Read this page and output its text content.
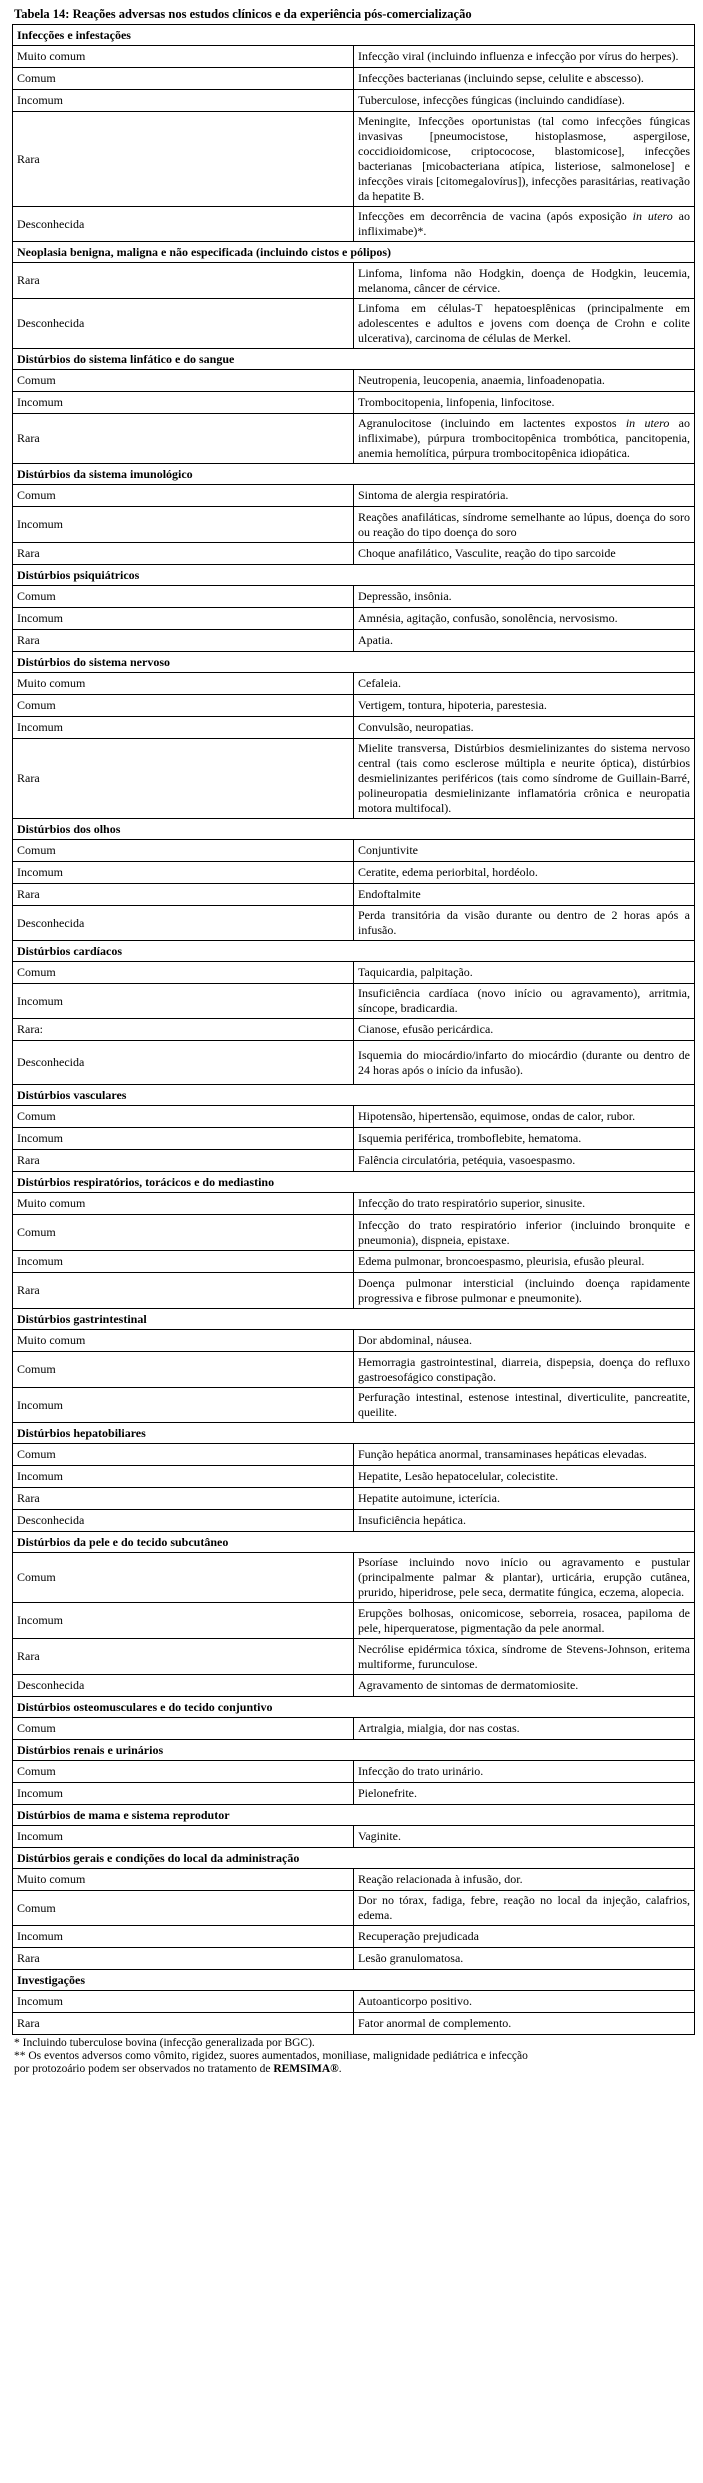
Tabela 14: Reações adversas nos estudos clínicos e da experiência pós-comercialização
Infecções e infestações	
Muito comum	Infecção viral (incluindo influenza e infecção por vírus do herpes).
Comum	Infecções bacterianas (incluindo sepse, celulite e abscesso).
Incomum	Tuberculose, infecções fúngicas (incluindo candidíase).
Rara	Meningite, Infecções oportunistas (tal como infecções fúngicas invasivas [pneumocistose, histoplasmose, aspergilose, coccidioidomicose, criptococose, blastomicose], infecções bacterianas [micobacteriana atípica, listeriose, salmonelose] e infecções virais [citomegalovírus]), infecções parasitárias, reativação da hepatite B.
Desconhecida	Infecções em decorrência de vacina (após exposição in utero ao infliximabe)*.
Neoplasia benigna, maligna e não especificada (incluindo cistos e pólipos)	
Rara	Linfoma, linfoma não Hodgkin, doença de Hodgkin, leucemia, melanoma, câncer de cérvice.
Desconhecida	Linfoma em células-T hepatoesplênicas (principalmente em adolescentes e adultos e jovens com doença de Crohn e colite ulcerativa), carcinoma de células de Merkel.
Distúrbios do sistema linfático e do sangue	
Comum	Neutropenia, leucopenia, anaemia, linfoadenopatia.
Incomum	Trombocitopenia, linfopenia, linfocitose.
Rara	Agranulocitose (incluindo em lactentes expostos in utero ao infliximabe), púrpura trombocitopênica trombótica, pancitopenia, anemia hemolítica, púrpura trombocitopênica idiopática.
Distúrbios da sistema imunológico	
Comum	Sintoma de alergia respiratória.
Incomum	Reações anafiláticas, síndrome semelhante ao lúpus, doença do soro ou reação do tipo doença do soro
Rara	Choque anafilático, Vasculite, reação do tipo sarcoide
Distúrbios psiquiátricos	
Comum	Depressão, insônia.
Incomum	Amnésia, agitação, confusão, sonolência, nervosismo.
Rara	Apatia.
Distúrbios do sistema nervoso	
Muito comum	Cefaleia.
Comum	Vertigem, tontura, hipoteria, parestesia.
Incomum	Convulsão, neuropatias.
Rara	Mielite transversa, Distúrbios desmielinizantes do sistema nervoso central (tais como esclerose múltipla e neurite óptica), distúrbios desmielinizantes periféricos (tais como síndrome de Guillain-Barré, polineuropatia desmielinizante inflamatória crônica e neuropatia motora multifocal).
Distúrbios dos olhos	
Comum	Conjuntivite
Incomum	Ceratite, edema periorbital, hordéolo.
Rara	Endoftalmite
Desconhecida	Perda transitória da visão durante ou dentro de 2 horas após a infusão.
Distúrbios cardíacos	
Comum	Taquicardia, palpitação.
Incomum	Insuficiência cardíaca (novo início ou agravamento), arritmia, síncope, bradicardia.
Rara:	Cianose, efusão pericárdica.
Desconhecida	Isquemia do miocárdio/infarto do miocárdio (durante ou dentro de 24 horas após o início da infusão).
Distúrbios vasculares	
Comum	Hipotensão, hipertensão, equimose, ondas de calor, rubor.
Incomum	Isquemia periférica, tromboflebite, hematoma.
Rara	Falência circulatória, petéquia, vasoespasmo.
Distúrbios respiratórios, torácicos e do mediastino	
Muito comum	Infecção do trato respiratório superior, sinusite.
Comum	Infecção do trato respiratório inferior (incluindo bronquite e pneumonia), dispneia, epistaxe.
Incomum	Edema pulmonar, broncoespasmo, pleurisia, efusão pleural.
Rara	Doença pulmonar intersticial (incluindo doença rapidamente progressiva e fibrose pulmonar e pneumonite).
Distúrbios gastrintestinal	
Muito comum	Dor abdominal, náusea.
Comum	Hemorragia gastrointestinal, diarreia, dispepsia, doença do refluxo gastroesofágico constipação.
Incomum	Perfuração intestinal, estenose intestinal, diverticulite, pancreatite, queilite.
Distúrbios hepatobiliares	
Comum	Função hepática anormal, transaminases hepáticas elevadas.
Incomum	Hepatite, Lesão hepatocelular, colecistite.
Rara	Hepatite autoimune, icterícia.
Desconhecida	Insuficiência hepática.
Distúrbios da pele e do tecido subcutâneo	
Comum	Psoríase incluindo novo início ou agravamento e pustular (principalmente palmar & plantar), urticária, erupção cutânea, prurido, hiperidrose, pele seca, dermatite fúngica, eczema, alopecia.
Incomum	Erupções bolhosas, onicomicose, seborreia, rosacea, papiloma de pele, hiperqueratose, pigmentação da pele anormal.
Rara	Necrólise epidérmica tóxica, síndrome de Stevens-Johnson, eritema multiforme, furunculose.
Desconhecida	Agravamento de sintomas de dermatomiosite.
Distúrbios osteomusculares e do tecido conjuntivo	
Comum	Artralgia, mialgia, dor nas costas.
Distúrbios renais e urinários	
Comum	Infecção do trato urinário.
Incomum	Pielonefrite.
Distúrbios de mama e sistema reprodutor	
Incomum	Vaginite.
Distúrbios gerais e condições do local da administração	
Muito comum	Reação relacionada à infusão, dor.
Comum	Dor no tórax, fadiga, febre, reação no local da injeção, calafrios, edema.
Incomum	Recuperação prejudicada
Rara	Lesão granulomatosa.
Investigações	
Incomum	Autoanticorpo positivo.
Rara	Fator anormal de complemento.
* Incluindo tuberculose bovina (infecção generalizada por BGC).
** Os eventos adversos como vômito, rigidez, suores aumentados, moniliase, malignidade pediátrica e infecção
por protozoário podem ser observados no tratamento de REMSIMA®.
